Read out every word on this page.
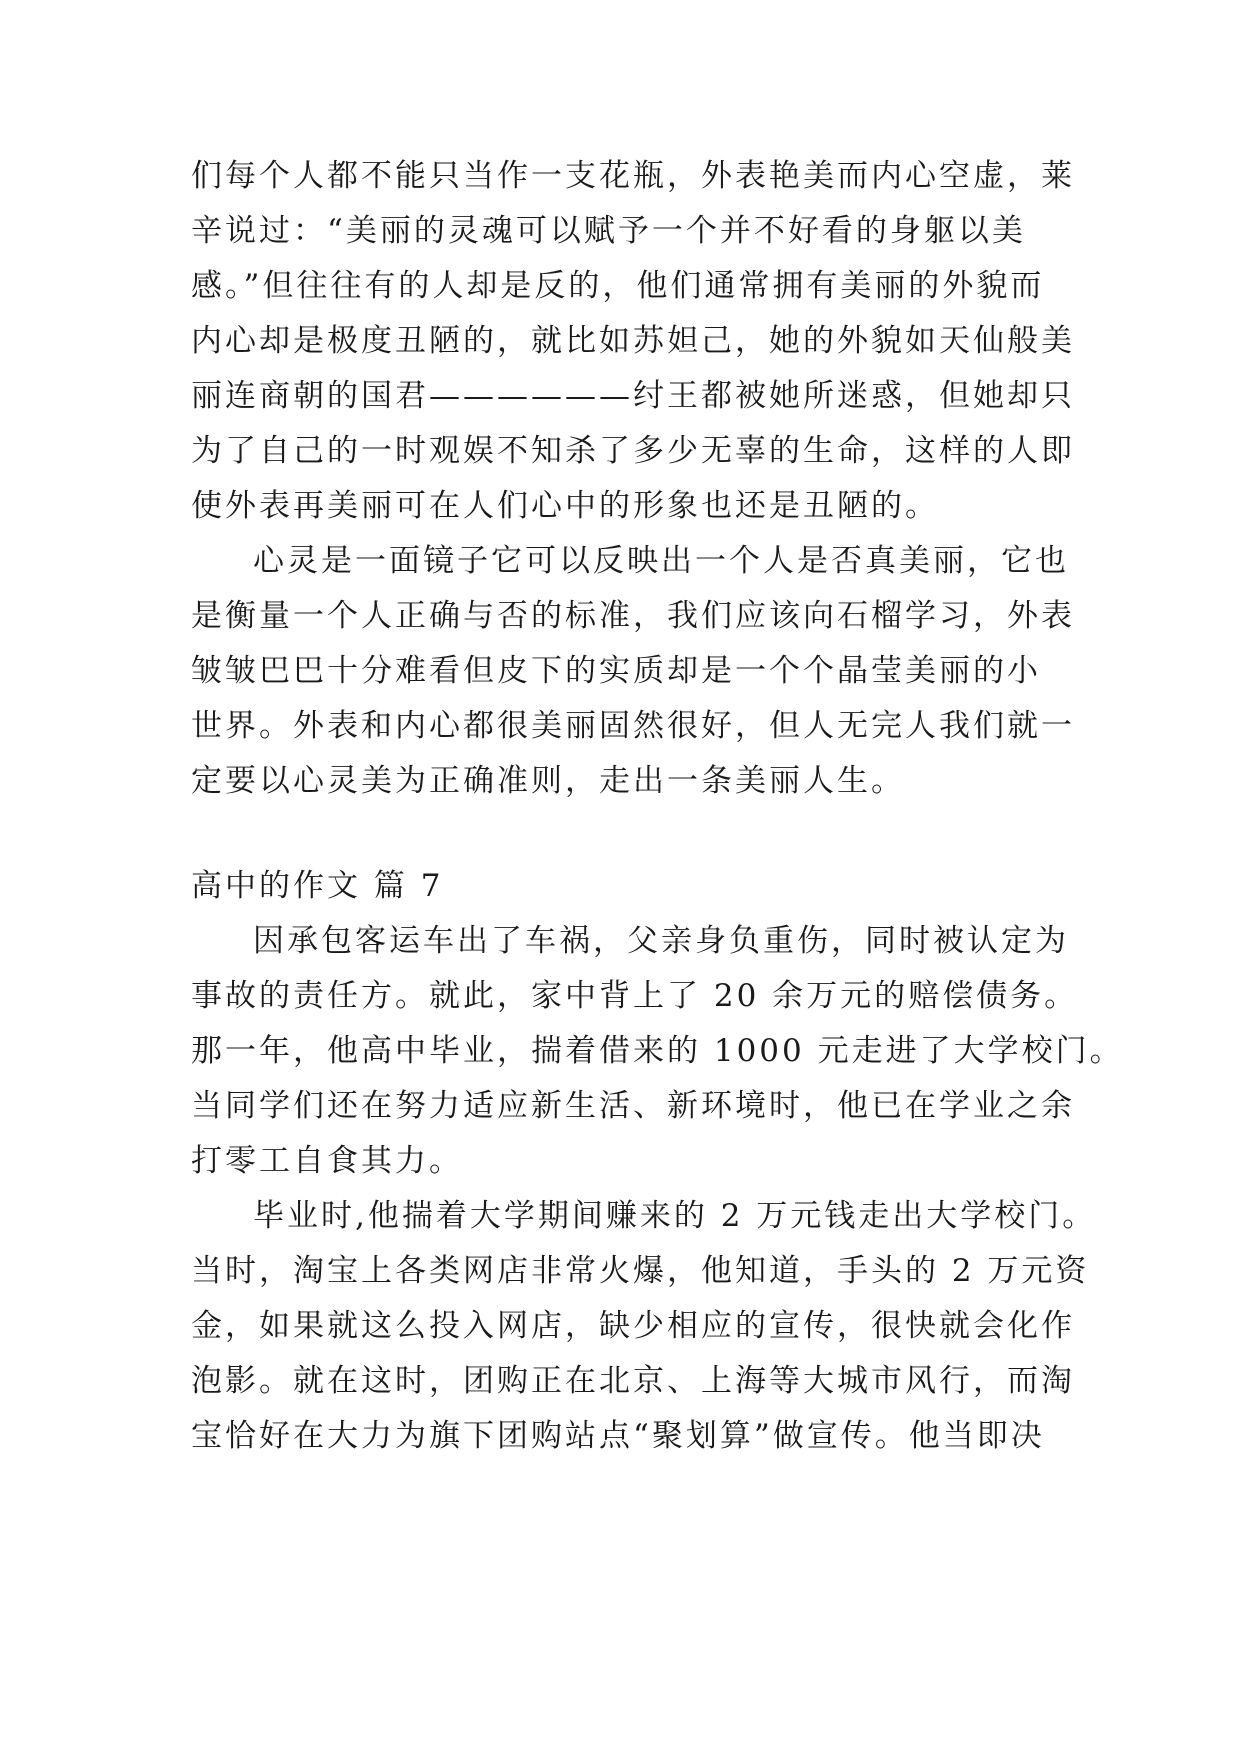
们每个人都不能只当作一支花瓶，外表艳美而内心空虚，莱
辛说过：“美丽的灵魂可以赋予一个并不好看的身躯以美
感。”但往往有的人却是反的，他们通常拥有美丽的外貌而
内心却是极度丑陋的，就比如苏妲己，她的外貌如天仙般美
丽连商朝的国君——————纣王都被她所迷惑，但她却只
为了自己的一时观娱不知杀了多少无辜的生命，这样的人即
使外表再美丽可在人们心中的形象也还是丑陋的。
心灵是一面镜子它可以反映出一个人是否真美丽，它也
是衡量一个人正确与否的标准，我们应该向石榴学习，外表
皱皱巴巴十分难看但皮下的实质却是一个个晶莹美丽的小
世界。外表和内心都很美丽固然很好，但人无完人我们就一
定要以心灵美为正确准则，走出一条美丽人生。
高中的作文 篇 7
因承包客运车出了车祸，父亲身负重伤，同时被认定为
事故的责任方。就此，家中背上了 20 余万元的赔偿债务。
那一年，他高中毕业，揣着借来的 1000 元走进了大学校门。
当同学们还在努力适应新生活、新环境时，他已在学业之余
打零工自食其力。
毕业时,他揣着大学期间赚来的 2 万元钱走出大学校门。
当时，淘宝上各类网店非常火爆，他知道，手头的 2 万元资
金，如果就这么投入网店，缺少相应的宣传，很快就会化作
泡影。就在这时，团购正在北京、上海等大城市风行，而淘
宝恰好在大力为旗下团购站点“聚划算”做宣传。他当即决
